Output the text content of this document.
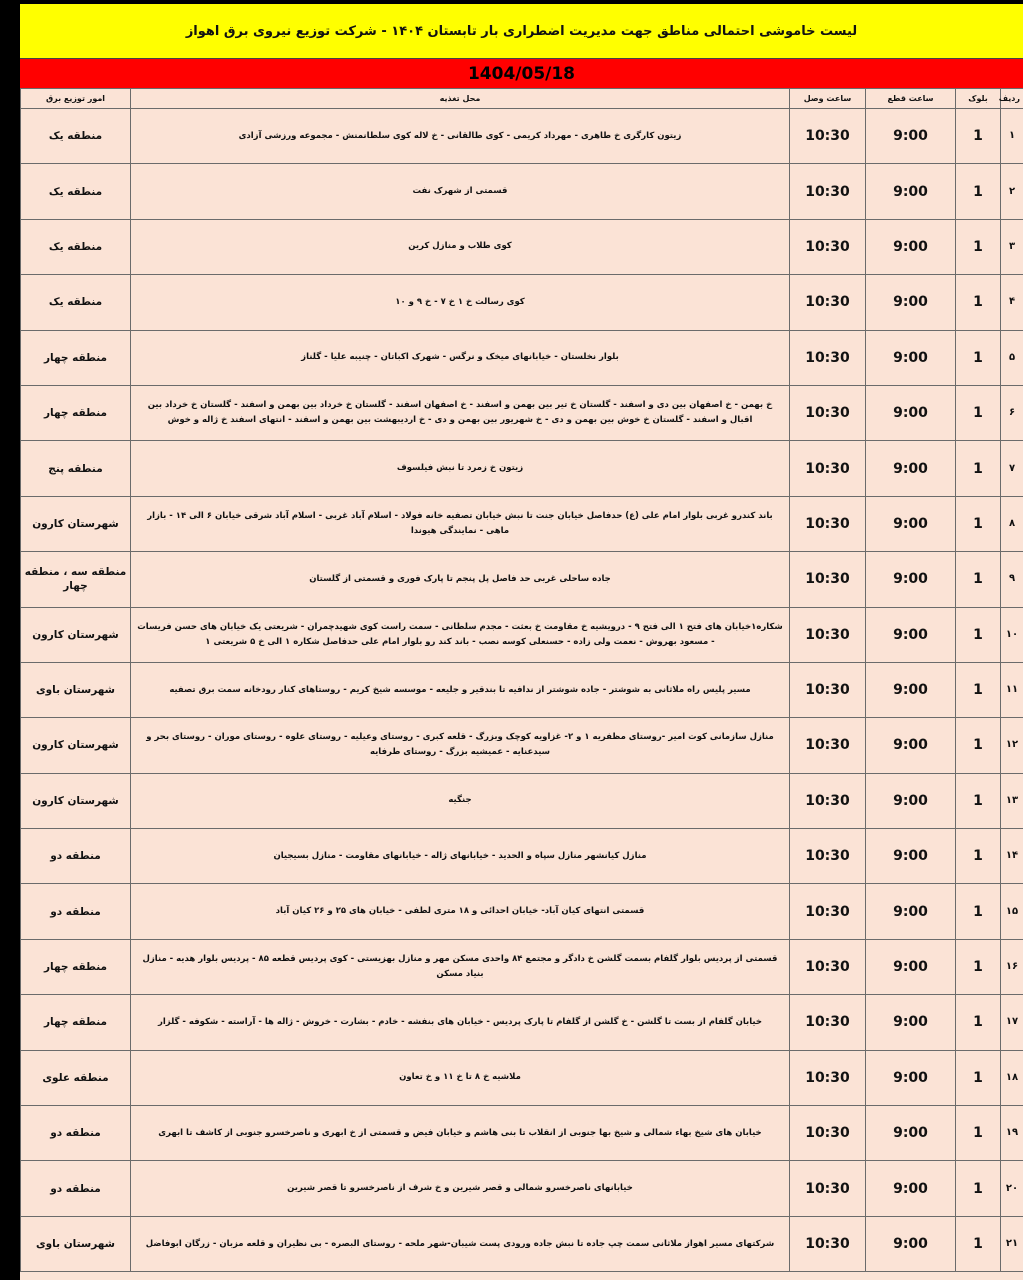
لیست خاموشی احتمالی مناطق جهت مدیریت اضطراری بار تابستان ۱۴۰۴ - شرکت توزیع نیروی برق اهواز
1404/05/18
ردیف	بلوک	ساعت قطع	ساعت وصل	محل تغذیه	امور توزیع برق
۱	1	9:00	10:30	زیتون کارگری خ طاهری - مهرداد کریمی - کوی طالقانی - خ لاله کوی سلطانمنش - مجموعه ورزشی آزادی	منطقه یک
۲	1	9:00	10:30	قسمتی از شهرک نفت	منطقه یک
۳	1	9:00	10:30	کوی طلاب و منازل کرین	منطقه یک
۴	1	9:00	10:30	کوی رسالت خ ۱ خ ۷ - خ ۹ و ۱۰	منطقه یک
۵	1	9:00	10:30	بلوار نخلستان - خیابانهای میخک و نرگس - شهرک اکباتان - چنیبه علیا - گلناز	منطقه چهار
۶	1	9:00	10:30	خ بهمن - خ اصفهان بین دی و اسفند - گلستان خ تیر بین بهمن و اسفند - خ اصفهان اسفند - گلستان خ خرداد بین بهمن و اسفند - گلستان خ خرداد بین اقبال و اسفند - گلستان خ خوش بین بهمن و دی - خ شهریور بین بهمن و دی - خ اردیبهشت بین بهمن و اسفند - انتهای اسفند خ ژاله و خوش	منطقه چهار
۷	1	9:00	10:30	زیتون خ زمرد تا نبش فیلسوف	منطقه پنج
۸	1	9:00	10:30	باند کندرو غربی بلوار امام علی (ع) حدفاصل خیابان جنت تا نبش خیابان تصفیه خانه فولاد - اسلام آباد غربی - اسلام آباد شرقی خیابان ۶ الی ۱۴ - بازار ماهی - نمایندگی هیوندا	شهرستان کارون
۹	1	9:00	10:30	جاده ساحلی غربی حد فاصل پل پنجم تا پارک فوری و قسمتی از گلستان	منطقه سه ، منطقه چهار
۱۰	1	9:00	10:30	شکاره۱خیابان های فتح ۱ الی فتح ۹ - درویشیه خ مقاومت خ بعثت - مجدم سلطانی - سمت راست کوی شهیدچمران - شریعتی یک خیابان های حسن فریسات - مسعود بهروش - نعمت ولی زاده - حسنعلی کوسه نصب - باند کند رو بلوار امام علی حدفاصل شکاره ۱ الی خ ۵ شریعتی ۱	شهرستان کارون
۱۱	1	9:00	10:30	مسیر پلیس راه ملاثانی به شوشتر - جاده شوشتر از ندافیه تا بندقیر و جلیعه - موسسه شیخ کریم - روستاهای کنار رودخانه سمت برق تصفیه	شهرستان باوی
۱۲	1	9:00	10:30	منازل سازمانی کوت امیر -روستای مظفریه ۱ و ۲- غزاویه کوچک وبزرگ - قلعه کبری - روستای وعیلیه - روستای علوه - روستای موران - روستای بحر و سیدعنایه - عمیشیه بزرگ - روستای طرفایه	شهرستان کارون
۱۳	1	9:00	10:30	جنگیه	شهرستان کارون
۱۴	1	9:00	10:30	منازل کیانشهر منازل سپاه و الحدید - خیابانهای ژاله - خیابانهای مقاومت - منازل بسیجیان	منطقه دو
۱۵	1	9:00	10:30	قسمتی انتهای کیان آباد- خیابان احدائی و ۱۸ متری لطفی - خیابان های ۲۵ و ۲۶ کیان آباد	منطقه دو
۱۶	1	9:00	10:30	قسمتی از پردیس بلوار گلفام بسمت گلشن خ دادگر و مجتمع ۸۴ واحدی مسکن مهر و منازل بهزیستی - کوی پردیس قطعه ۸۵ - پردیس بلوار هدیه - منازل بنیاد مسکن	منطقه چهار
۱۷	1	9:00	10:30	خیابان گلفام از بست تا گلشن - خ گلشن از گلفام تا پارک پردیس - خیابان های بنفشه - خادم - بشارت - خروش - ژاله ها - آراسته - شکوفه - گلزار	منطقه چهار
۱۸	1	9:00	10:30	ملاشیه خ ۸ تا خ ۱۱ و خ تعاون	منطقه علوی
۱۹	1	9:00	10:30	خیابان های شیخ بهاء شمالی و شیخ بها جنوبی از انقلاب تا بنی هاشم و خیابان فیض و قسمتی از خ ابهری و ناصرخسرو جنوبی از کاشف تا ابهری	منطقه دو
۲۰	1	9:00	10:30	خیابانهای ناصرخسرو شمالی و قصر شیرین و خ شرف از ناصرخسرو تا قصر شیرین	منطقه دو
۲۱	1	9:00	10:30	شرکتهای مسیر اهواز ملاثانی سمت چپ جاده تا نبش جاده ورودی پست شیبان-شهر ملحه - روستای البصره - بی نظیران و قلعه مزبان - زرگان ابوفاضل	شهرستان باوی
